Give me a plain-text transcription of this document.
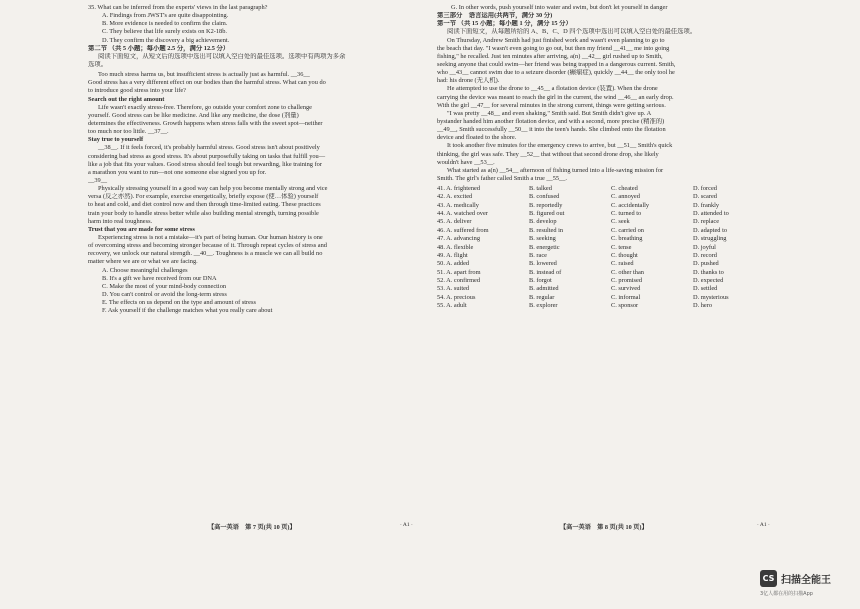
35. What can be inferred from the experts' views in the last paragraph?
A. Findings from JWST's are quite disappointing.
B. More evidence is needed to confirm the claim.
C. They believe that life surely exists on K2-18b.
D. They confirm the discovery a big achievement.
第二节 （共 5 小题；每小题 2.5 分，满分 12.5 分）
阅读下面短文，从短文后的选项中选出可以填入空白处的最佳选项。选项中有两项为多余
选项。
Too much stress harms us, but insufficient stress is actually just as harmful. __36__
Good stress has a very different effect on our bodies than the harmful stress. What can you do
to introduce good stress into your life?
Search out the right amount
Life wasn't exactly stress-free. Therefore, go outside your comfort zone to challenge
yourself. Good stress can be like medicine. And like any medicine, the dose (剂量)
determines the effectiveness. Growth happens when stress falls with the sweet spot—neither
too much nor too little. __37__.
Stay true to yourself
__38__. If it feels forced, it's probably harmful stress. Good stress isn't about positively
considering bad stress as good stress. It's about purposefully taking on tasks that fulfill you—
like a job that fits your values. Good stress should feel tough but rewarding, like training for
a marathon you want to run—not one someone else signed you up for.
__39__
Physically stressing yourself in a good way can help you become mentally strong and vice
versa (反之亦然). For example, exercise energetically, briefly expose (使…体验) yourself
to heat and cold, and diet control now and then through time-limited eating. These practices
train your body to handle stress better while also building mental strength, turning possible
harm into real toughness.
Trust that you are made for some stress
Experiencing stress is not a mistake—it's part of being human. Our human history is one
of overcoming stress and becoming stronger because of it. Through repeat cycles of stress and
recovery, we unlock our natural strength. __40__. Toughness is a muscle we can all build no
matter where we are or what we are facing.
A. Choose meaningful challenges
B. It's a gift we have received from our DNA
C. Make the most of your mind-body connection
D. You can't control or avoid the long-term stress
E. The effects on us depend on the type and amount of stress
F. Ask yourself if the challenge matches what you really care about
G. In other words, push yourself into water and swim, but don't let yourself in danger
第三部分　语言运用(共两节，满分 30 分)
第一节 （共 15 小题；每小题 1 分，满分 15 分）
阅读下面短文，从每题所给的 A、B、C、D 四个选项中选出可以填入空白处的最佳选项。
On Thursday, Andrew Smith had just finished work and wasn't even planning to go to
the beach that day. "I wasn't even going to go out, but then my friend __41__ me into going
fishing," he recalled. Just ten minutes after arriving, a(n) __42__ girl rushed up to Smith,
seeking anyone that could swim—her friend was being trapped in a dangerous current. Smith,
who __43__ cannot swim due to a seizure disorder (癫痫症), quickly __44__ the only tool he
had: his drone (无人机).
He attempted to use the drone to __45__ a flotation device (装置). When the drone
carrying the device was meant to reach the girl in the current, the wind __46__ an early drop.
With the girl __47__ for several minutes in the strong current, things were getting serious.
"I was pretty __48__ and even shaking," Smith said. But Smith didn't give up. A
bystander handed him another flotation device, and with a second, more precise (精准的)
__49__, Smith successfully __50__ it into the teen's hands. She climbed onto the flotation
device and floated to the shore.
It took another five minutes for the emergency crews to arrive, but __51__ Smith's quick
thinking, the girl was safe. They __52__ that without that second drone drop, she likely
wouldn't have __53__.
What started as a(n) __54__ afternoon of fishing turned into a life-saving mission for
Smith. The girl's father called Smith a true __55__.
41. A. frightened	B. talked	C. cheated	D. forced
42. A. excited	B. confused	C. annoyed	D. scared
43. A. medically	B. reportedly	C. accidentally	D. frankly
44. A. watched over	B. figured out	C. turned to	D. attended to
45. A. deliver	B. develop	C. seek	D. replace
46. A. suffered from	B. resulted in	C. carried on	D. adapted to
47. A. advancing	B. seeking	C. breathing	D. struggling
48. A. flexible	B. energetic	C. tense	D. joyful
49. A. flight	B. race	C. thought	D. record
50. A. added	B. lowered	C. raised	D. pushed
51. A. apart from	B. instead of	C. other than	D. thanks to
52. A. confirmed	B. forgot	C. promised	D. expected
53. A. suited	B. admitted	C. survived	D. settled
54. A. precious	B. regular	C. informal	D. mysterious
55. A. adult	B. explorer	C. sponsor	D. hero
【高一英语　第 7 页(共 10 页)】	· A1 ·	【高一英语　第 8 页(共 10 页)】	· A1 ·
CS 扫描全能王
3亿人都在用的扫描App
